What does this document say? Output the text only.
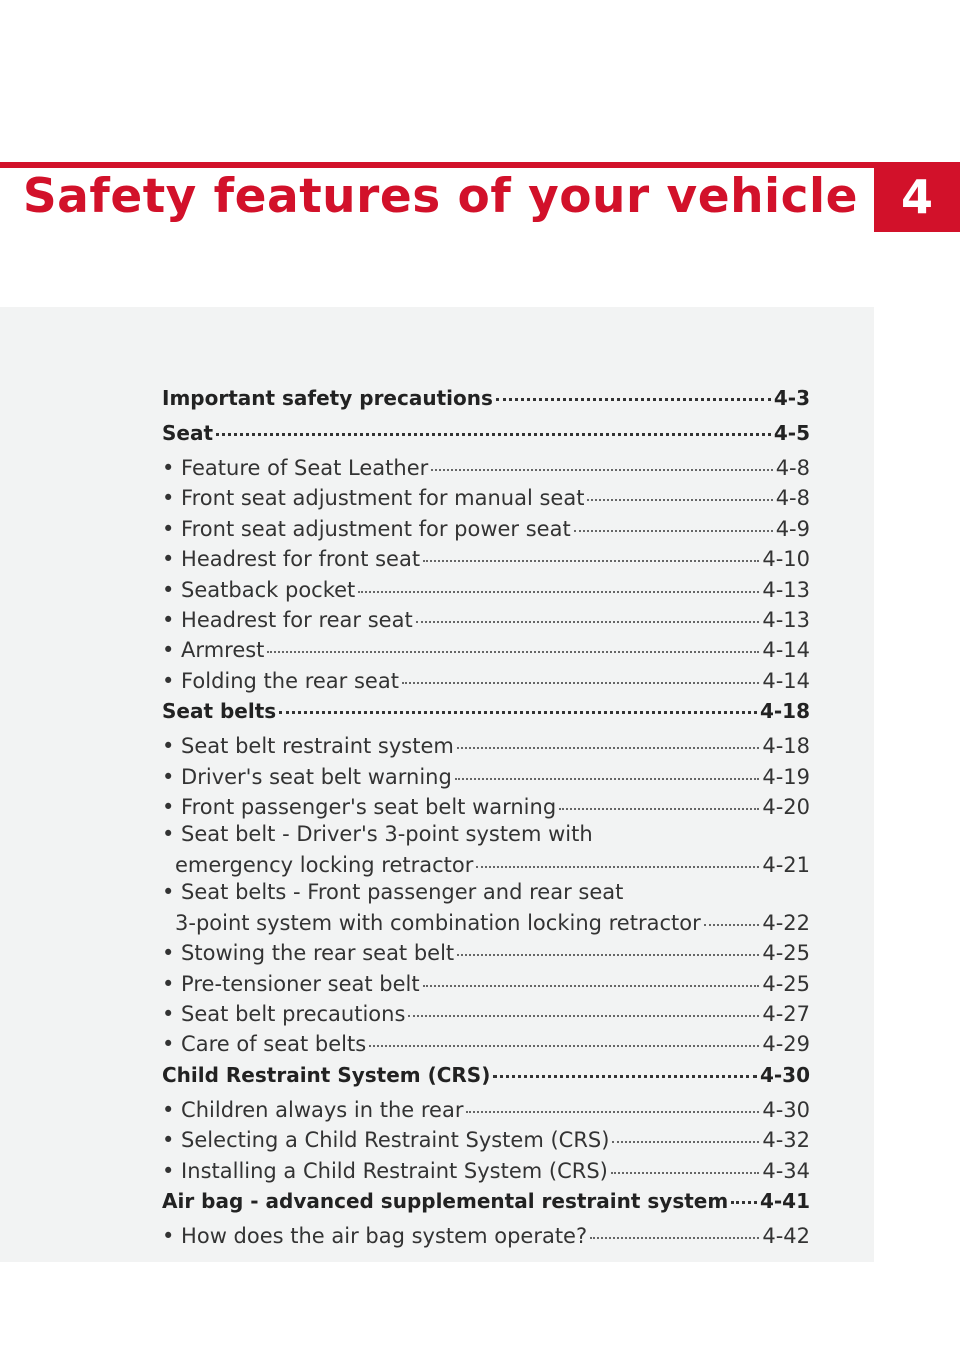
Safety features of your vehicle 4
Important safety precautions	4-3
Seat	4-5
• Feature of Seat Leather	4-8
• Front seat adjustment for manual seat	4-8
• Front seat adjustment for power seat	4-9
• Headrest for front seat	4-10
• Seatback pocket	4-13
• Headrest for rear seat	4-13
• Armrest	4-14
• Folding the rear seat	4-14
Seat belts	4-18
• Seat belt restraint system	4-18
• Driver's seat belt warning	4-19
• Front passenger's seat belt warning	4-20
• Seat belt - Driver's 3-point system with
emergency locking retractor	4-21
• Seat belts - Front passenger and rear seat
3-point system with combination locking retractor	4-22
• Stowing the rear seat belt	4-25
• Pre-tensioner seat belt	4-25
• Seat belt precautions	4-27
• Care of seat belts	4-29
Child Restraint System (CRS)	4-30
• Children always in the rear	4-30
• Selecting a Child Restraint System (CRS)	4-32
• Installing a Child Restraint System (CRS)	4-34
Air bag - advanced supplemental restraint system 4-41
• How does the air bag system operate?	4-42
